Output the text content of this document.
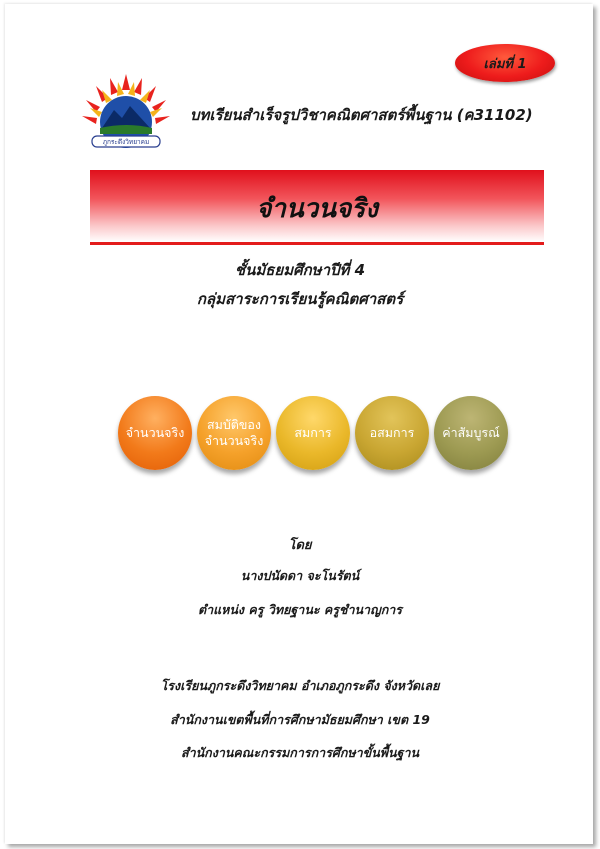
เล่มที่ 1
ภูกระดึงวิทยาคม
บทเรียนสำเร็จรูปวิชาคณิตศาสตร์พื้นฐาน (ค31102)
จำนวนจริง
ชั้นมัธยมศึกษาปีที่ 4
กลุ่มสาระการเรียนรู้คณิตศาสตร์
จำนวนจริง
สมบัติของ
จำนวนจริง
สมการ	อสมการ ค่าสัมบูรณ์
โดย
นางปนัดดา จะโนรัตน์
ตำแหน่ง ครู วิทยฐานะ ครูชำนาญการ
โรงเรียนภูกระดึงวิทยาคม อำเภอภูกระดึง จังหวัดเลย
สำนักงานเขตพื้นที่การศึกษามัธยมศึกษา เขต 19
สำนักงานคณะกรรมการการศึกษาขั้นพื้นฐาน
